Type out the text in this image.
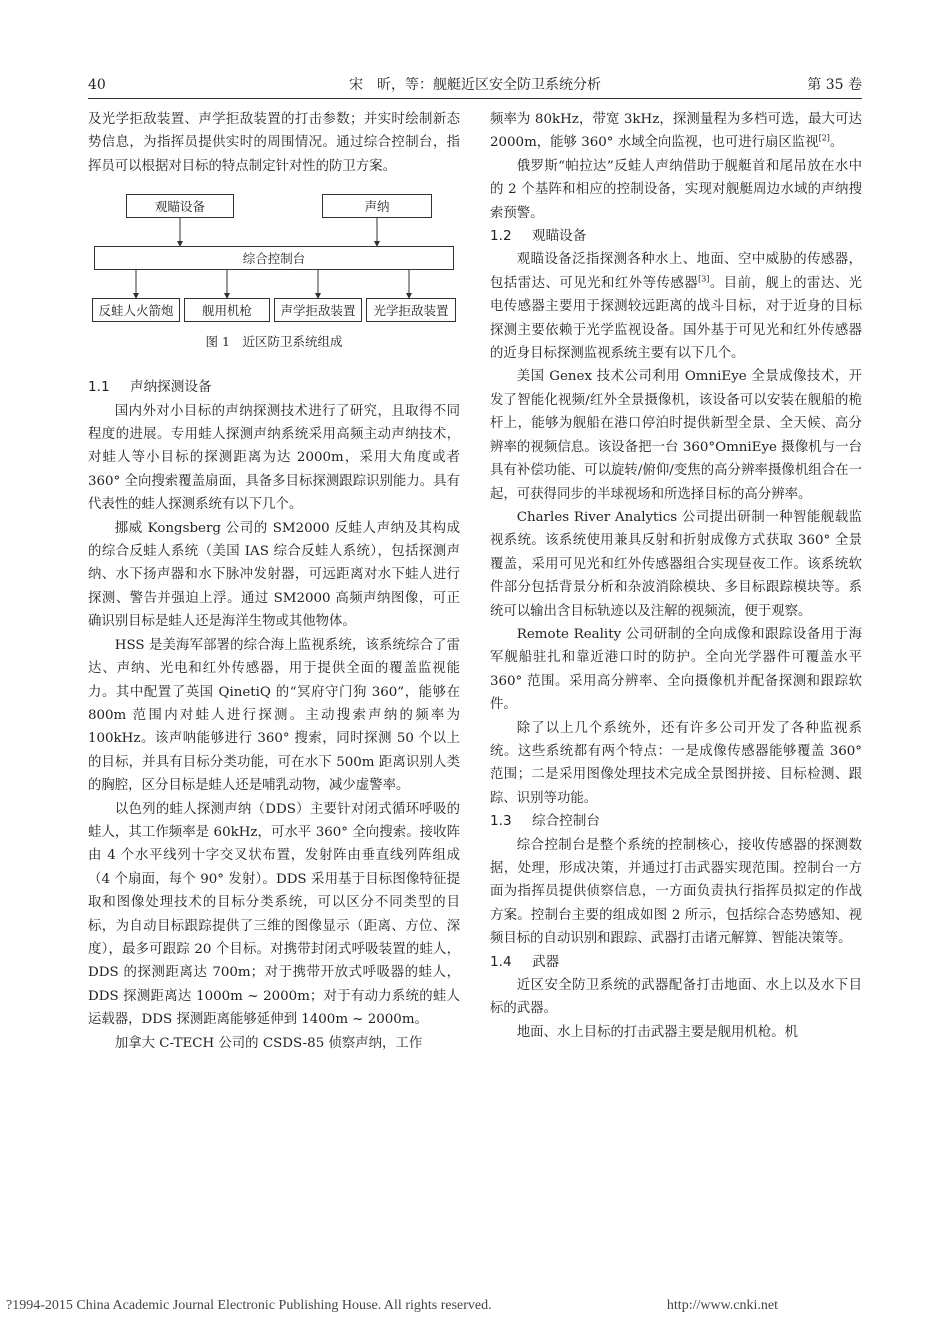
40	宋　昕，等：舰艇近区安全防卫系统分析	第 35 卷

及光学拒敌装置、声学拒敌装置的打击参数；并实时绘制新态势信息，为指挥员提供实时的周围情况。通过综合控制台，指挥员可以根据对目标的特点制定针对性的防卫方案。

观瞄设备	声纳
综合控制台
反蛙人火箭炮	舰用机枪	声学拒敌装置	光学拒敌装置
图 1　近区防卫系统组成

1.1 声纳探测设备

国内外对小目标的声纳探测技术进行了研究，且取得不同程度的进展。专用蛙人探测声纳系统采用高频主动声纳技术，对蛙人等小目标的探测距离为达 2000m，采用大角度或者 360° 全向搜索覆盖扇面，具备多目标探测跟踪识别能力。具有代表性的蛙人探测系统有以下几个。

挪威 Kongsberg 公司的 SM2000 反蛙人声纳及其构成的综合反蛙人系统（美国 IAS 综合反蛙人系统），包括探测声纳、水下扬声器和水下脉冲发射器，可远距离对水下蛙人进行探测、警告并强迫上浮。通过 SM2000 高频声纳图像，可正确识别目标是蛙人还是海洋生物或其他物体。

HSS 是美海军部署的综合海上监视系统，该系统综合了雷达、声纳、光电和红外传感器，用于提供全面的覆盖监视能力。其中配置了英国 QinetiQ 的“冥府守门狗 360”，能够在 800m 范围内对蛙人进行探测。主动搜索声纳的频率为 100kHz。该声呐能够进行 360° 搜索，同时探测 50 个以上的目标，并具有目标分类功能，可在水下 500m 距离识别人类的胸腔，区分目标是蛙人还是哺乳动物，减少虚警率。

以色列的蛙人探测声纳（DDS）主要针对闭式循环呼吸的蛙人，其工作频率是 60kHz，可水平 360° 全向搜索。接收阵由 4 个水平线列十字交叉状布置，发射阵由垂直线列阵组成（4 个扇面，每个 90° 发射）。DDS 采用基于目标图像特征提取和图像处理技术的目标分类系统，可以区分不同类型的目标，为自动目标跟踪提供了三维的图像显示（距离、方位、深度），最多可跟踪 20 个目标。对携带封闭式呼吸装置的蛙人，DDS 的探测距离达 700m；对于携带开放式呼吸器的蛙人，DDS 探测距离达 1000m ~ 2000m；对于有动力系统的蛙人运载器，DDS 探测距离能够延伸到 1400m ~ 2000m。

加拿大 C-TECH 公司的 CSDS-85 侦察声纳，工作

频率为 80kHz，带宽 3kHz，探测量程为多档可选，最大可达 2000m，能够 360° 水域全向监视，也可进行扇区监视[2]。

俄罗斯“帕拉达”反蛙人声纳借助于舰艇首和尾吊放在水中的 2 个基阵和相应的控制设备，实现对舰艇周边水域的声纳搜索预警。

1.2 观瞄设备

观瞄设备泛指探测各种水上、地面、空中威胁的传感器，包括雷达、可见光和红外等传感器[3]。目前，舰上的雷达、光电传感器主要用于探测较远距离的战斗目标，对于近身的目标探测主要依赖于光学监视设备。国外基于可见光和红外传感器的近身目标探测监视系统主要有以下几个。

美国 Genex 技术公司利用 OmniEye 全景成像技术，开发了智能化视频/红外全景摄像机，该设备可以安装在舰船的桅杆上，能够为舰船在港口停泊时提供新型全景、全天候、高分辨率的视频信息。该设备把一台 360°OmniEye 摄像机与一台具有补偿功能、可以旋转/俯仰/变焦的高分辨率摄像机组合在一起，可获得同步的半球视场和所选择目标的高分辨率。

Charles River Analytics 公司提出研制一种智能舰载监视系统。该系统使用兼具反射和折射成像方式获取 360° 全景覆盖，采用可见光和红外传感器组合实现昼夜工作。该系统软件部分包括背景分析和杂波消除模块、多目标跟踪模块等。系统可以输出含目标轨迹以及注解的视频流，便于观察。

Remote Reality 公司研制的全向成像和跟踪设备用于海军舰船驻扎和靠近港口时的防护。全向光学器件可覆盖水平 360° 范围。采用高分辨率、全向摄像机并配备探测和跟踪软件。

除了以上几个系统外，还有许多公司开发了各种监视系统。这些系统都有两个特点：一是成像传感器能够覆盖 360° 范围；二是采用图像处理技术完成全景图拼接、目标检测、跟踪、识别等功能。

1.3 综合控制台

综合控制台是整个系统的控制核心，接收传感器的探测数据，处理，形成决策，并通过打击武器实现范围。控制台一方面为指挥员提供侦察信息，一方面负责执行指挥员拟定的作战方案。控制台主要的组成如图 2 所示，包括综合态势感知、视频目标的自动识别和跟踪、武器打击诸元解算、智能决策等。

1.4 武器

近区安全防卫系统的武器配备打击地面、水上以及水下目标的武器。

地面、水上目标的打击武器主要是舰用机枪。机

?1994-2015 China Academic Journal Electronic Publishing House. All rights reserved.	http://www.cnki.net
